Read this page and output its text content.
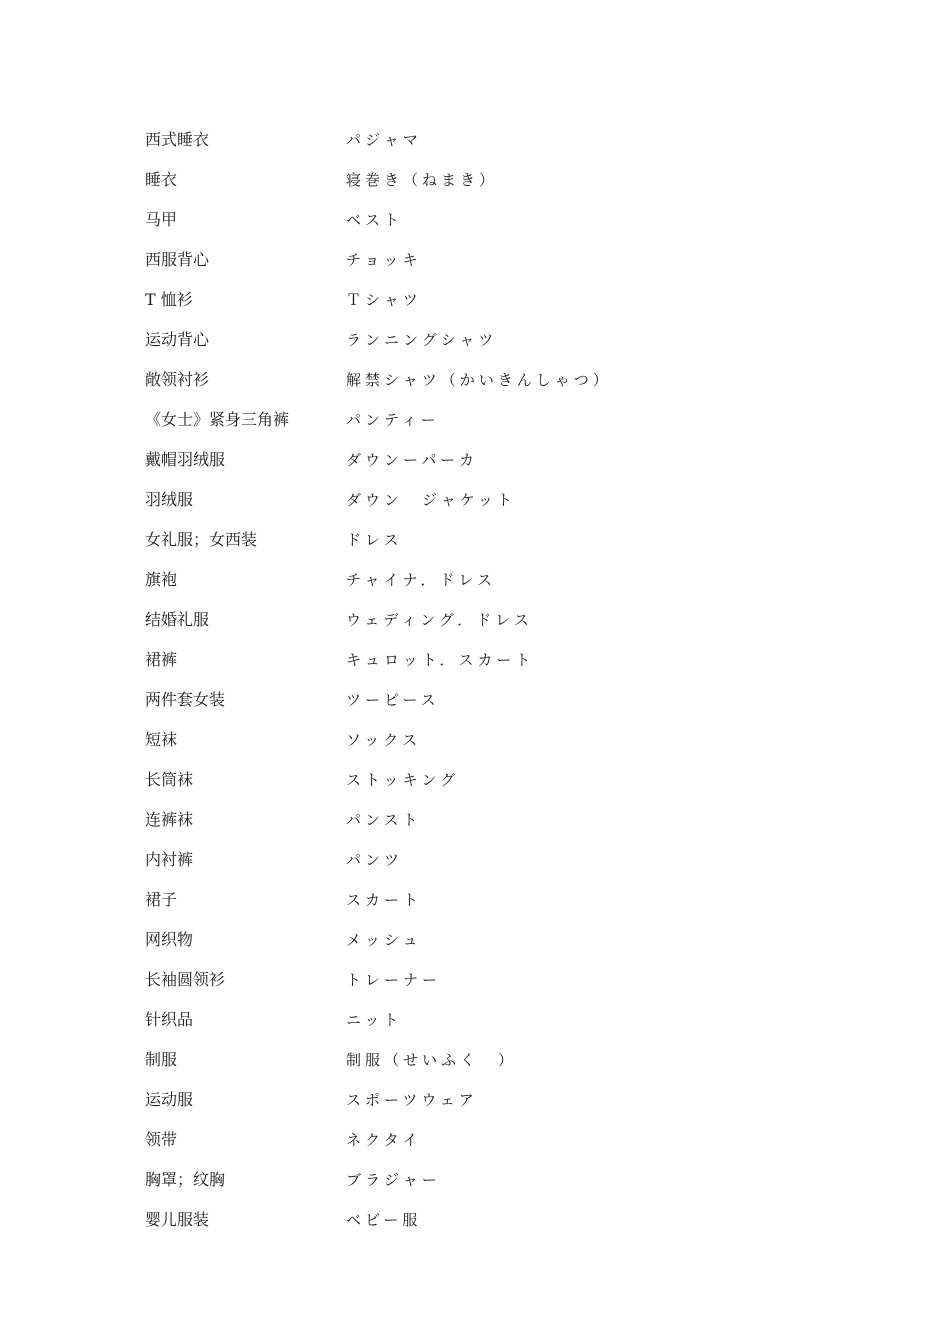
西式睡衣	パジャマ
睡衣	寝巻き（ねまき）
马甲	ベスト
西服背心	チョッキ
T 恤衫	Ｔシャツ
运动背心	ランニングシャツ
敞领衬衫	解禁シャツ（かいきんしゃつ）
《女士》紧身三角裤	パンティー
戴帽羽绒服	ダウンーパーカ
羽绒服	ダウン　ジャケット
女礼服；女西装	ドレス
旗袍	チャイナ．ドレス
结婚礼服	ウェディング．ドレス
裙裤	キュロット．スカート
两件套女装	ツーピース
短袜	ソックス
长筒袜	ストッキング
连裤袜	パンスト
内衬裤	パンツ
裙子	スカート
网织物	メッシュ
长袖圆领衫	トレーナー
针织品	ニット
制服	制服（せいふく　）
运动服	スポーツウェア
领带	ネクタイ
胸罩；纹胸	ブラジャー
婴儿服装	ベビー服
